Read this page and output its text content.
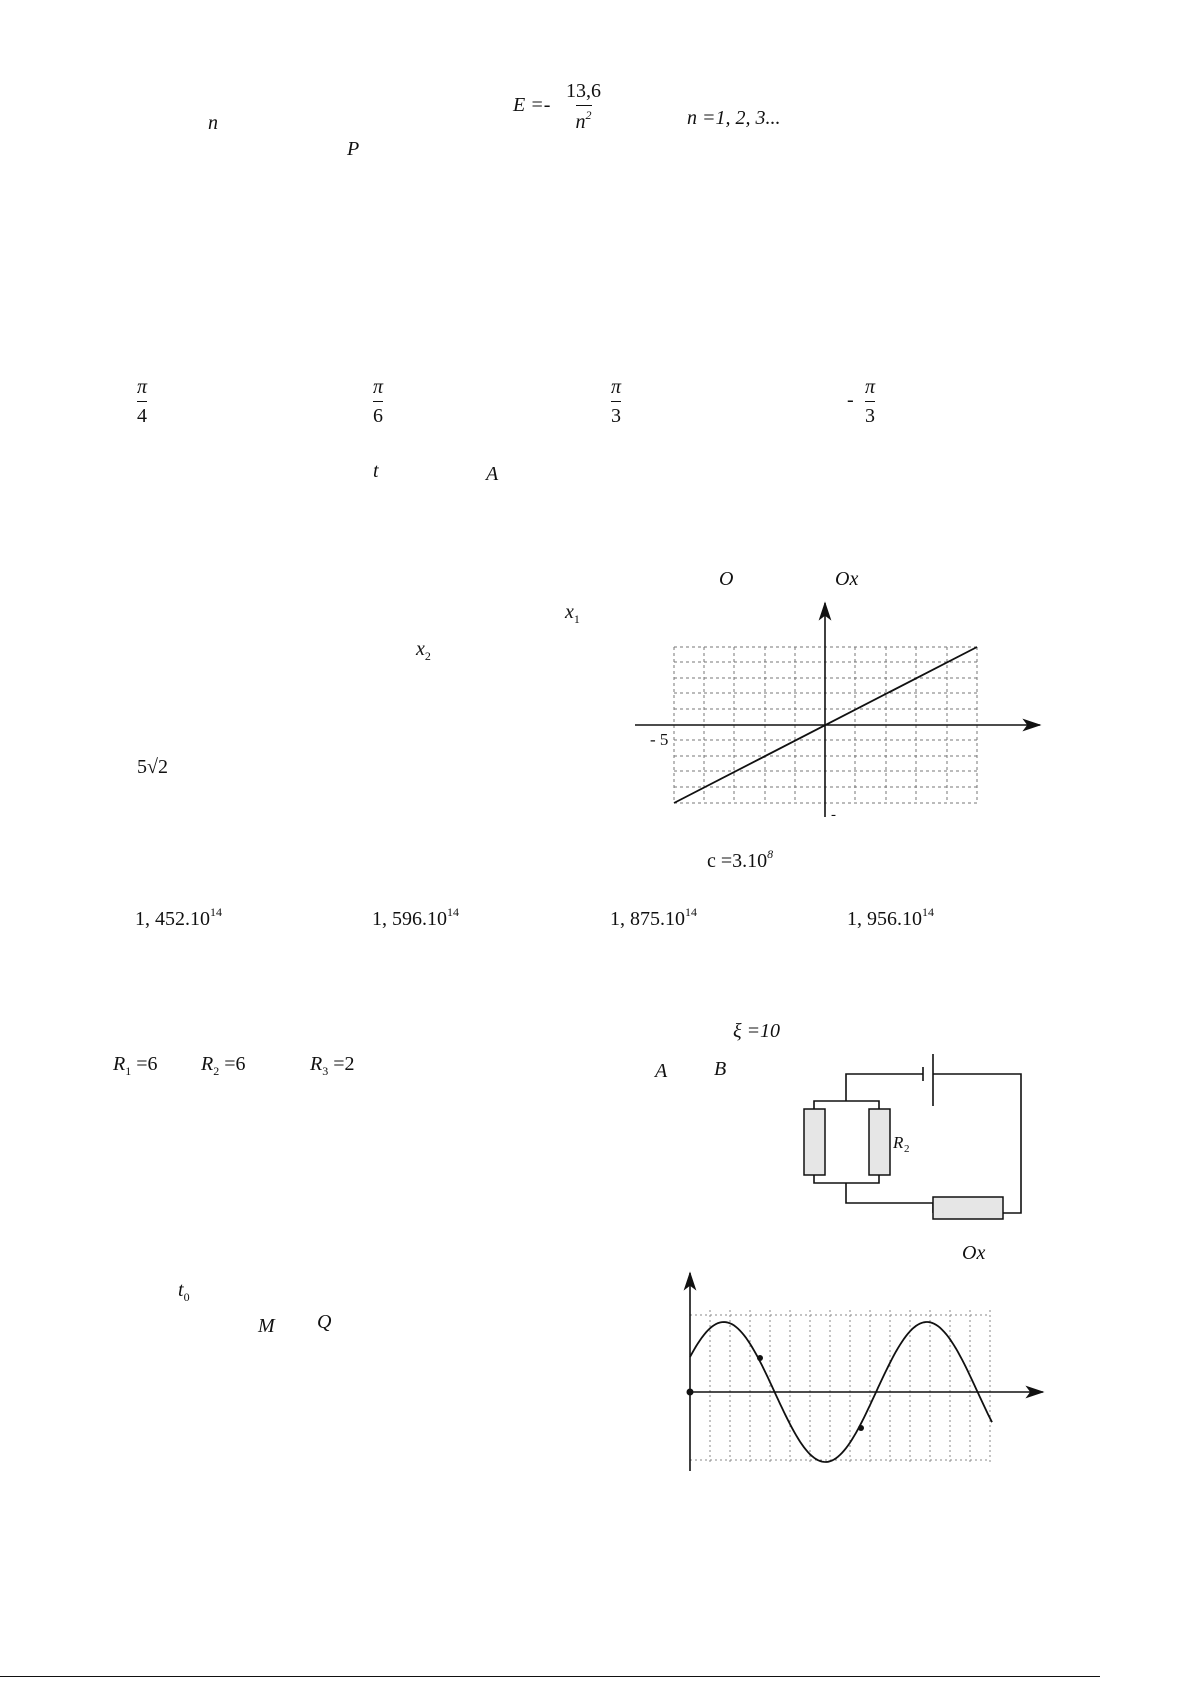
n
P
$E =- \frac{13,6}{n^2}$	n =1, 2, 3...
$\frac{\pi}{4}$	$\frac{\pi}{6}$	$\frac{\pi}{3}$	- $\frac{\pi}{3}$
t	A
O	Ox
$x_1$
$x_2$
5√2
- 5
-
$c =3.10^8$
1, 452.10$^{14}$	1, 596.10$^{14}$	1, 875.10$^{14}$	1, 956.10$^{14}$
ξ =10
$R_1 =6$ $R_2 =6$	$R_3 =2$	A B
R 2
Ox
$t_0$
M Q
